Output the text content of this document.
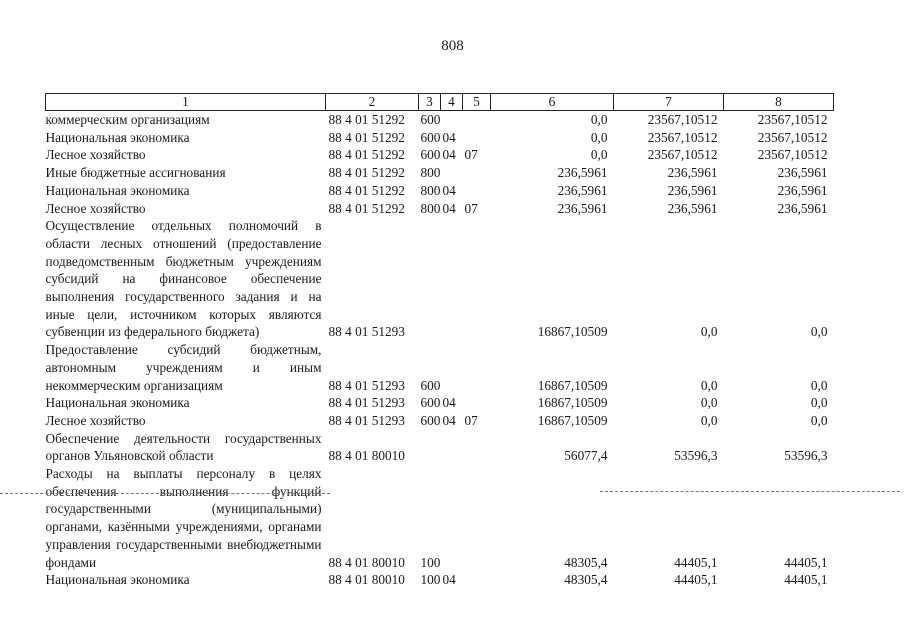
808
1	2	3	4	5	6	7	8
коммерческим организациям	88 4 01 51292	600			0,0	23567,10512	23567,10512
Национальная экономика	88 4 01 51292	600	04		0,0	23567,10512	23567,10512
Лесное хозяйство	88 4 01 51292	600	04	07	0,0	23567,10512	23567,10512
Иные бюджетные ассигнования	88 4 01 51292	800			236,5961	236,5961	236,5961
Национальная экономика	88 4 01 51292	800	04		236,5961	236,5961	236,5961
Лесное хозяйство	88 4 01 51292	800	04	07	236,5961	236,5961	236,5961
Осуществление отдельных полномочий в области лесных отношений (предоставление подведомственным бюджетным учреждениям субсидий на финансовое обеспечение выполнения государственного задания и на иные цели, источником которых являются субвенции из федерального бюджета)	88 4 01 51293				16867,10509	0,0	0,0
Предоставление субсидий бюджетным, автономным учреждениям и иным некоммерческим организациям	88 4 01 51293	600			16867,10509	0,0	0,0
Национальная экономика	88 4 01 51293	600	04		16867,10509	0,0	0,0
Лесное хозяйство	88 4 01 51293	600	04	07	16867,10509	0,0	0,0
Обеспечение деятельности государственных органов Ульяновской области	88 4 01 80010				56077,4	53596,3	53596,3
Расходы на выплаты персоналу в целях обеспечения выполнения функций государственными (муниципальными) органами, казёнными учреждениями, органами управления государственными внебюджетными фондами	88 4 01 80010	100			48305,4	44405,1	44405,1
Национальная экономика	88 4 01 80010	100	04		48305,4	44405,1	44405,1
